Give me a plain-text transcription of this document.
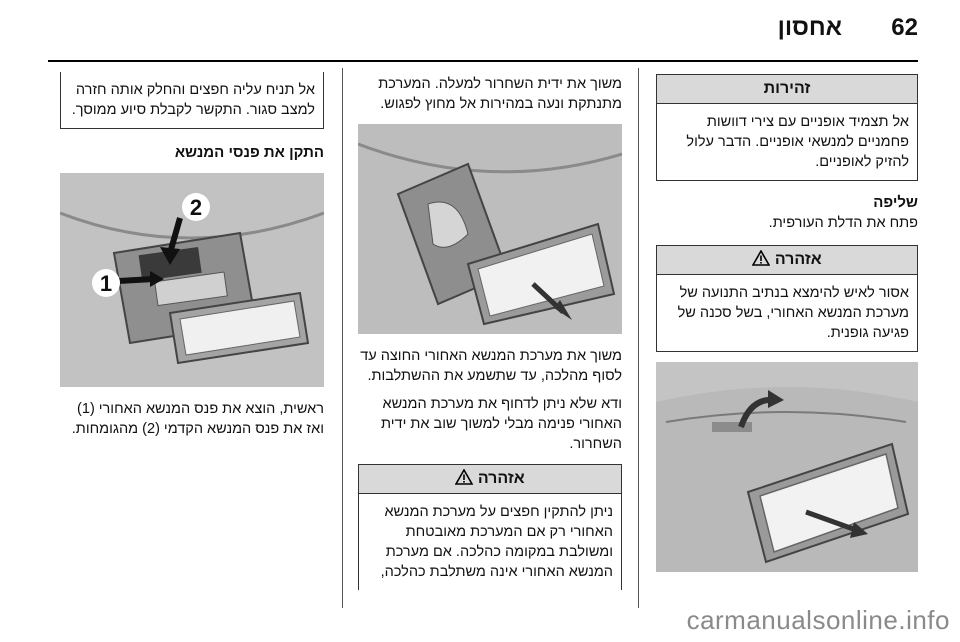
62
אחסון
זהירות
אל תצמיד אופניים עם צירי דוושות פחמניים למנשאי אופניים. הדבר עלול להזיק לאופניים.

שליפה

פתח את הדלת העורפית.

אזהרה
אסור לאיש להימצא בנתיב התנועה של מערכת המנשא האחורי, בשל סכנה של פגיעה גופנית.

משוך את ידית השחרור למעלה. המערכת מתנתקת ונעה במהירות אל מחוץ לפגוש.

משוך את מערכת המנשא האחורי החוצה עד לסוף מהלכה, עד שתשמע את ההשתלבות.

ודא שלא ניתן לדחוף את מערכת המנשא האחורי פנימה מבלי למשוך שוב את ידית השחרור.

אזהרה
ניתן להתקין חפצים על מערכת המנשא האחורי רק אם המערכת מאובטחת ומשולבת במקומה כהלכה. אם מערכת המנשא האחורי אינה משתלבת כהלכה,

אל תניח עליה חפצים והחלק אותה חזרה למצב סגור. התקשר לקבלת סיוע ממוסך.

התקן את פנסי המנשא

2
1

ראשית, הוצא את פנס המנשא האחורי (1) ואז את פנס המנשא הקדמי (2) מהגומחות.

carmanualsonline.info
